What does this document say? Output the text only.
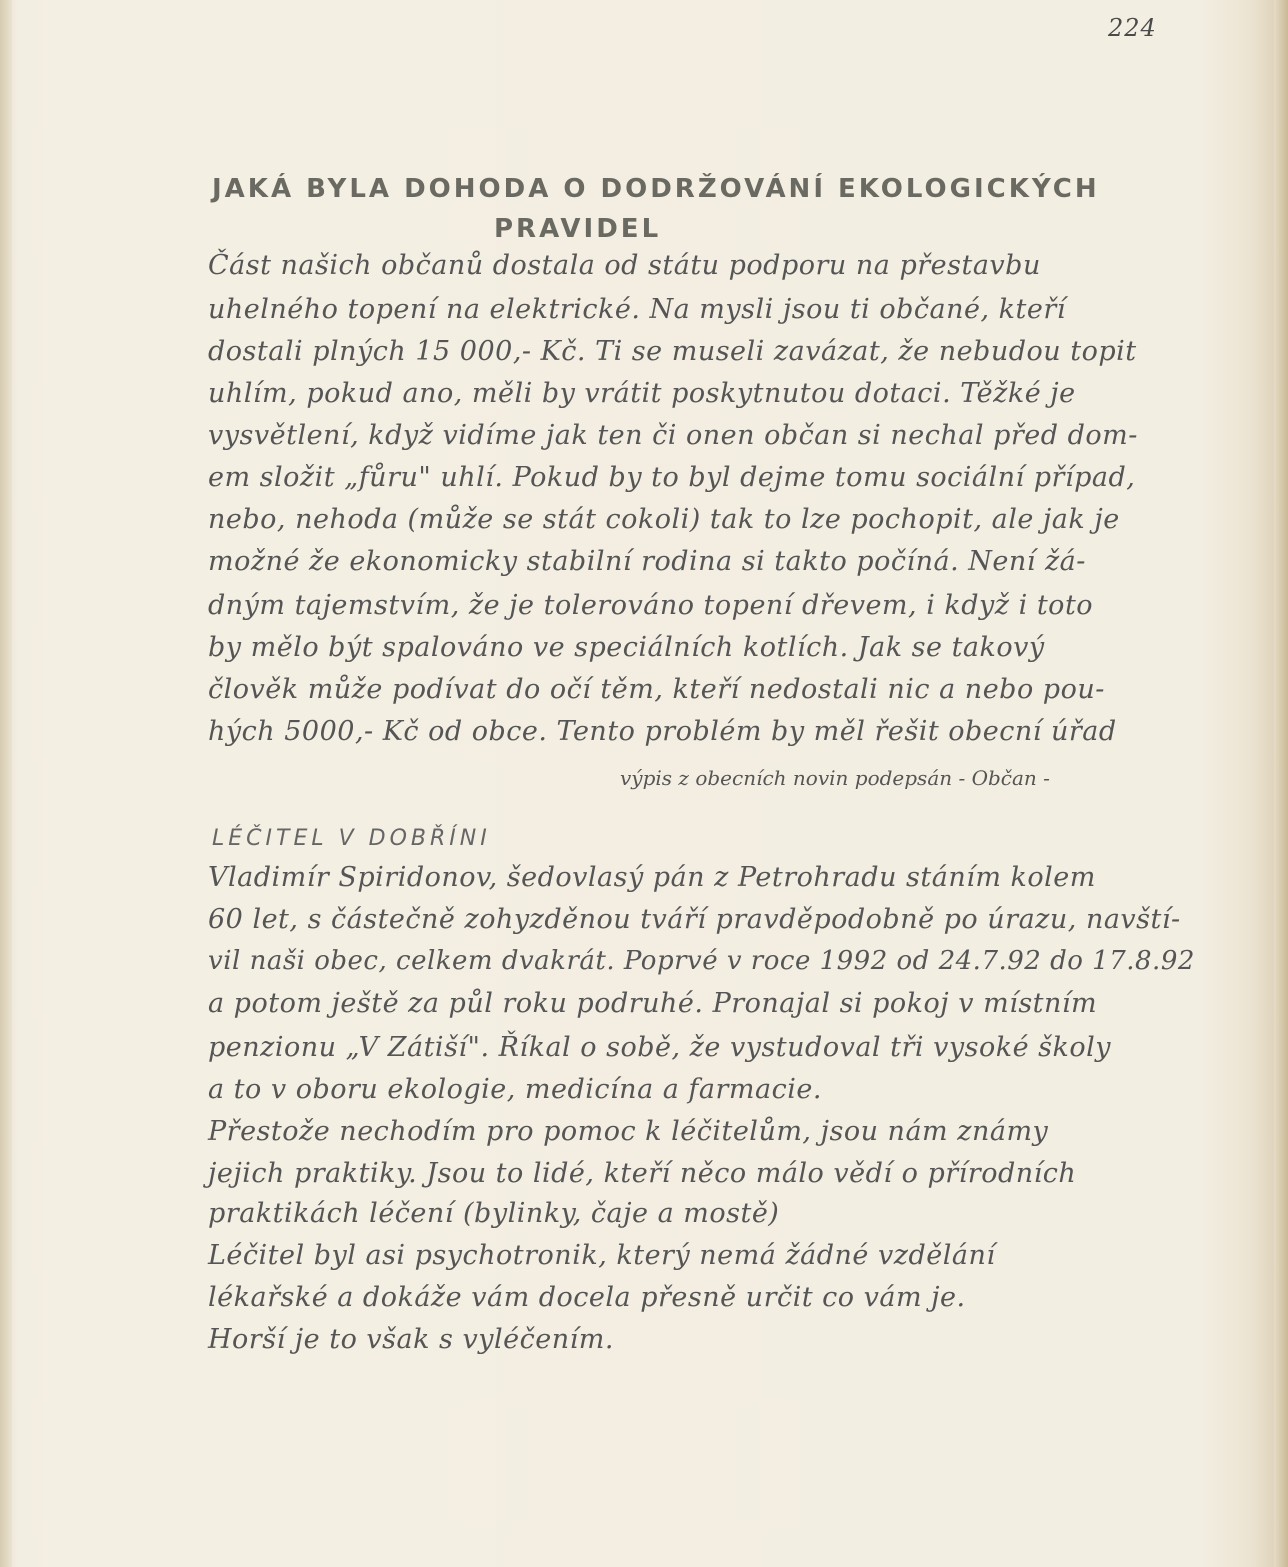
224
JAKÁ BYLA DOHODA O DODRŽOVÁNÍ EKOLOGICKÝCH
PRAVIDEL
Část našich občanů dostala od státu podporu na přestavbu
uhelného topení na elektrické. Na mysli jsou ti občané, kteří
dostali plných 15 000,- Kč. Ti se museli zavázat, že nebudou topit
uhlím, pokud ano, měli by vrátit poskytnutou dotaci. Těžké je
vysvětlení, když vidíme jak ten či onen občan si nechal před dom-
em složit „fůru" uhlí. Pokud by to byl dejme tomu sociální případ,
nebo, nehoda (může se stát cokoli) tak to lze pochopit, ale jak je
možné že ekonomicky stabilní rodina si takto počíná. Není žá-
dným tajemstvím, že je tolerováno topení dřevem, i když i toto
by mělo být spalováno ve speciálních kotlích. Jak se takový
člověk může podívat do očí těm, kteří nedostali nic a nebo pou-
hých 5000,- Kč od obce. Tento problém by měl řešit obecní úřad
výpis z obecních novin podepsán - Občan -
LÉČITEL V DOBŘÍNI
Vladimír Spiridonov, šedovlasý pán z Petrohradu stáním kolem
60 let, s částečně zohyzděnou tváří pravděpodobně po úrazu, navští-
vil naši obec, celkem dvakrát. Poprvé v roce 1992 od 24.7.92 do 17.8.92
a potom ještě za půl roku podruhé. Pronajal si pokoj v místním
penzionu „V Zátiší". Říkal o sobě, že vystudoval tři vysoké školy
a to v oboru ekologie, medicína a farmacie.
Přestože nechodím pro pomoc k léčitelům, jsou nám známy
jejich praktiky. Jsou to lidé, kteří něco málo vědí o přírodních
praktikách léčení (bylinky, čaje a mostě)
Léčitel byl asi psychotronik, který nemá žádné vzdělání
lékařské a dokáže vám docela přesně určit co vám je.
Horší je to však s vyléčením.
